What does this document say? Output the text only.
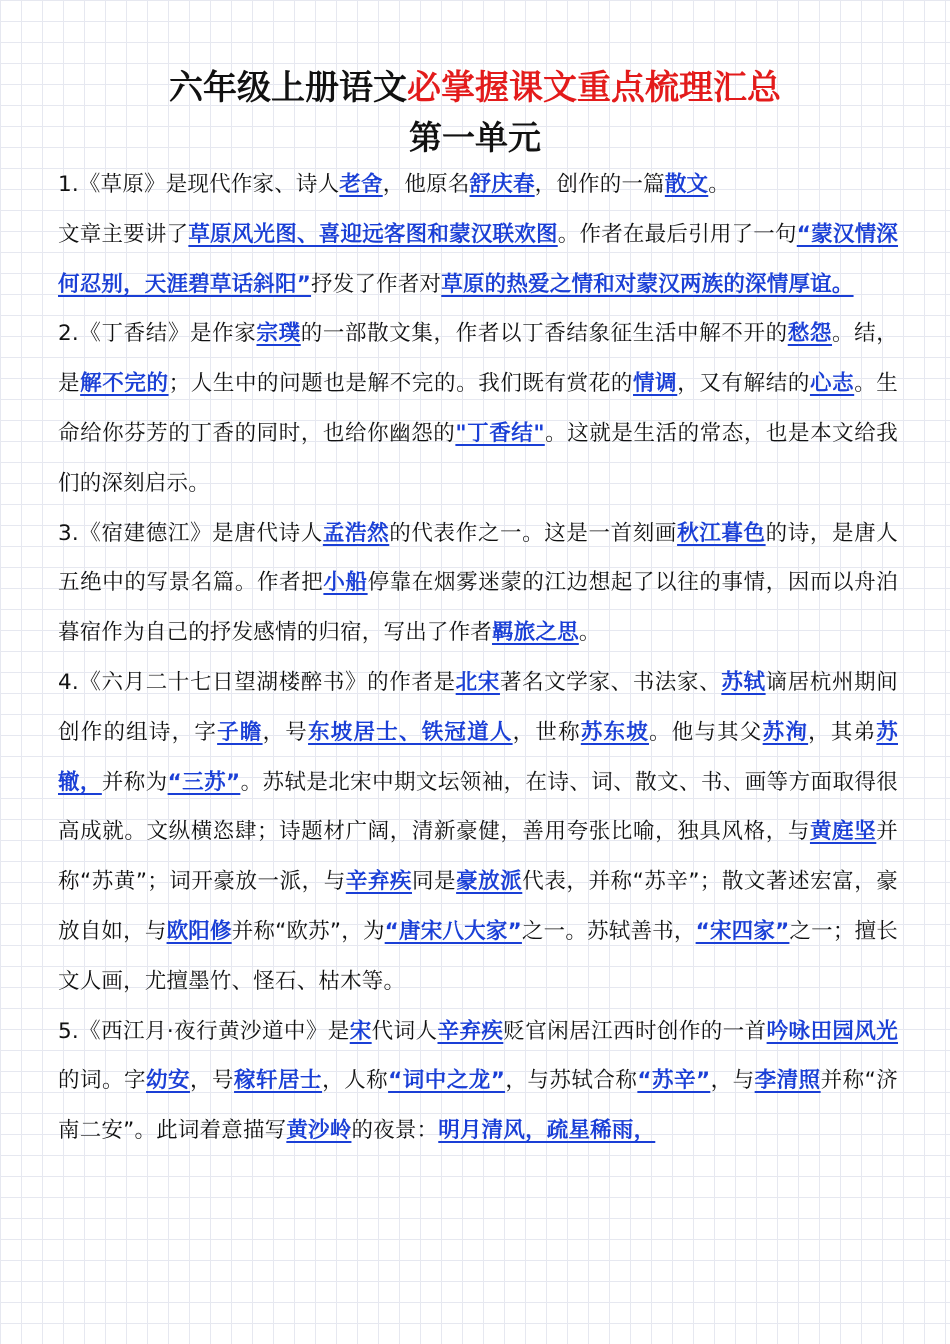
六年级上册语文必掌握课文重点梳理汇总
第一单元

1.《草原》是现代作家、诗人老舍，他原名舒庆春，创作的一篇散文。

文章主要讲了草原风光图、喜迎远客图和蒙汉联欢图。作者在最后引用了一句“蒙汉情深何忍别，天涯碧草话斜阳”抒发了作者对草原的热爱之情和对蒙汉两族的深情厚谊。

2.《丁香结》是作家宗璞的一部散文集，作者以丁香结象征生活中解不开的愁怨。结，是解不完的；人生中的问题也是解不完的。我们既有赏花的情调，又有解结的心志。生命给你芬芳的丁香的同时，也给你幽怨的"丁香结"。这就是生活的常态，也是本文给我们的深刻启示。

3.《宿建德江》是唐代诗人孟浩然的代表作之一。这是一首刻画秋江暮色的诗，是唐人五绝中的写景名篇。作者把小船停靠在烟雾迷蒙的江边想起了以往的事情，因而以舟泊暮宿作为自己的抒发感情的归宿，写出了作者羁旅之思。

4.《六月二十七日望湖楼醉书》的作者是北宋著名文学家、书法家、苏轼谪居杭州期间创作的组诗，字子瞻，号东坡居士、铁冠道人，世称苏东坡。他与其父苏洵，其弟苏辙，并称为“三苏”。苏轼是北宋中期文坛领袖，在诗、词、散文、书、画等方面取得很高成就。文纵横恣肆；诗题材广阔，清新豪健，善用夸张比喻，独具风格，与黄庭坚并称“苏黄”；词开豪放一派，与辛弃疾同是豪放派代表，并称“苏辛”；散文著述宏富，豪放自如，与欧阳修并称“欧苏”，为“唐宋八大家”之一。苏轼善书，“宋四家”之一；擅长文人画，尤擅墨竹、怪石、枯木等。

5.《西江月·夜行黄沙道中》是宋代词人辛弃疾贬官闲居江西时创作的一首吟咏田园风光的词。字幼安，号稼轩居士，人称“词中之龙”，与苏轼合称“苏辛”，与李清照并称“济南二安”。此词着意描写黄沙岭的夜景：明月清风，疏星稀雨，
